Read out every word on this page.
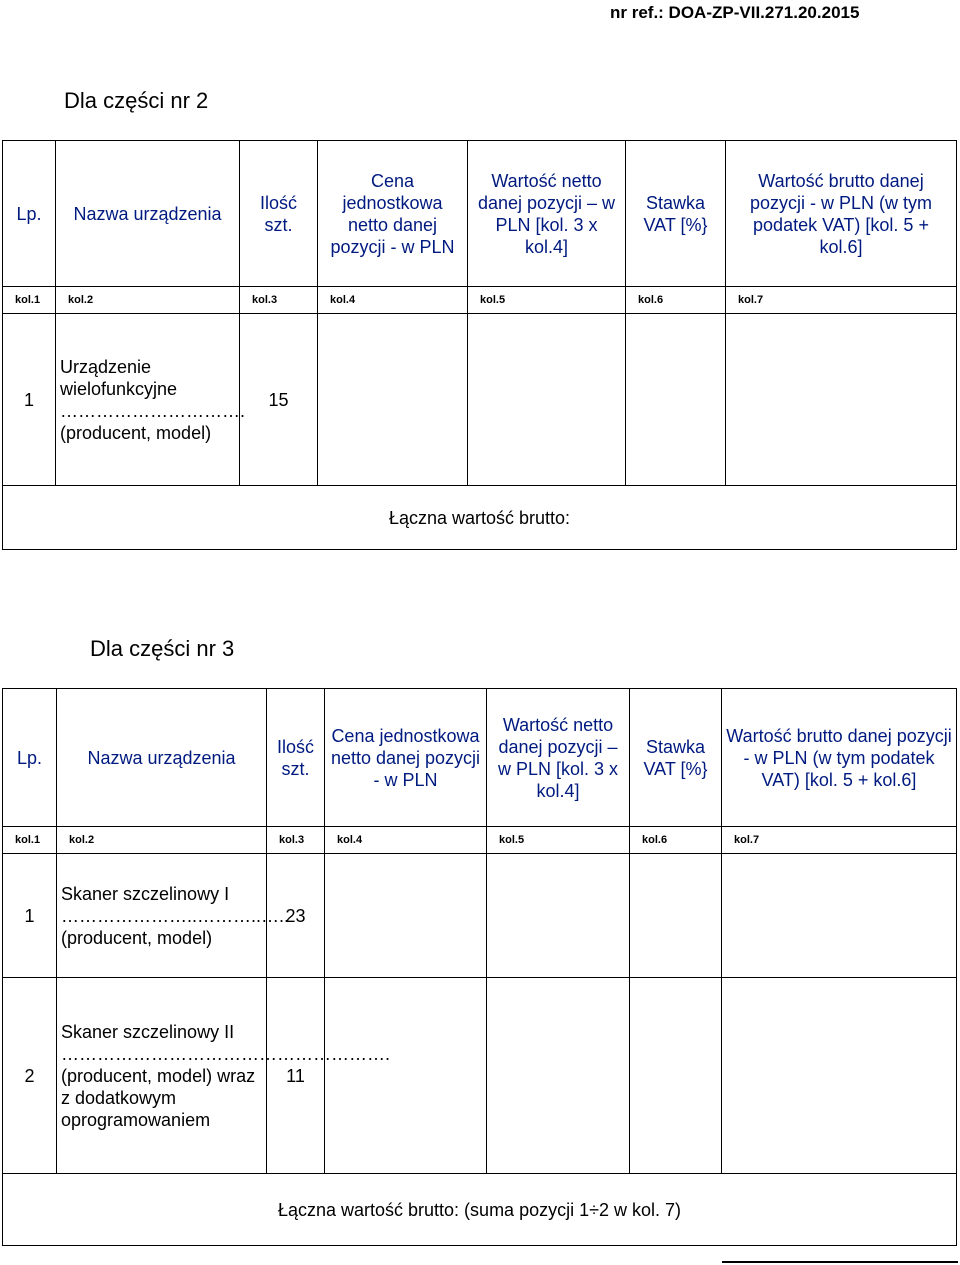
nr ref.: DOA-ZP-VII.271.20.2015
Dla części nr 2
Lp.	Nazwa urządzenia	Ilość szt.	Cena jednostkowa netto danej pozycji - w PLN	Wartość netto danej pozycji – w PLN [kol. 3 x kol.4]	Stawka VAT [%}	Wartość brutto danej pozycji - w PLN (w tym podatek VAT) [kol. 5 + kol.6]
kol.1	kol.2	kol.3	kol.4	kol.5	kol.6	kol.7
1	Urządzenie wielofunkcyjne …………………………. (producent, model)	15				
Łączna wartość brutto:						
Dla części nr 3
Lp.	Nazwa urządzenia	Ilość szt.	Cena jednostkowa netto danej pozycji - w PLN	Wartość netto danej pozycji – w PLN [kol. 3 x kol.4]	Stawka VAT [%}	Wartość brutto danej pozycji - w PLN (w tym podatek VAT) [kol. 5 + kol.6]
kol.1	kol.2	kol.3	kol.4	kol.5	kol.6	kol.7
1	Skaner szczelinowy I …………………..………..….. (producent, model)	23				
2	Skaner szczelinowy II ………………………………………………. (producent, model) wraz z dodatkowym oprogramowaniem	11				
Łączna wartość brutto: (suma pozycji 1÷2 w kol. 7)						
